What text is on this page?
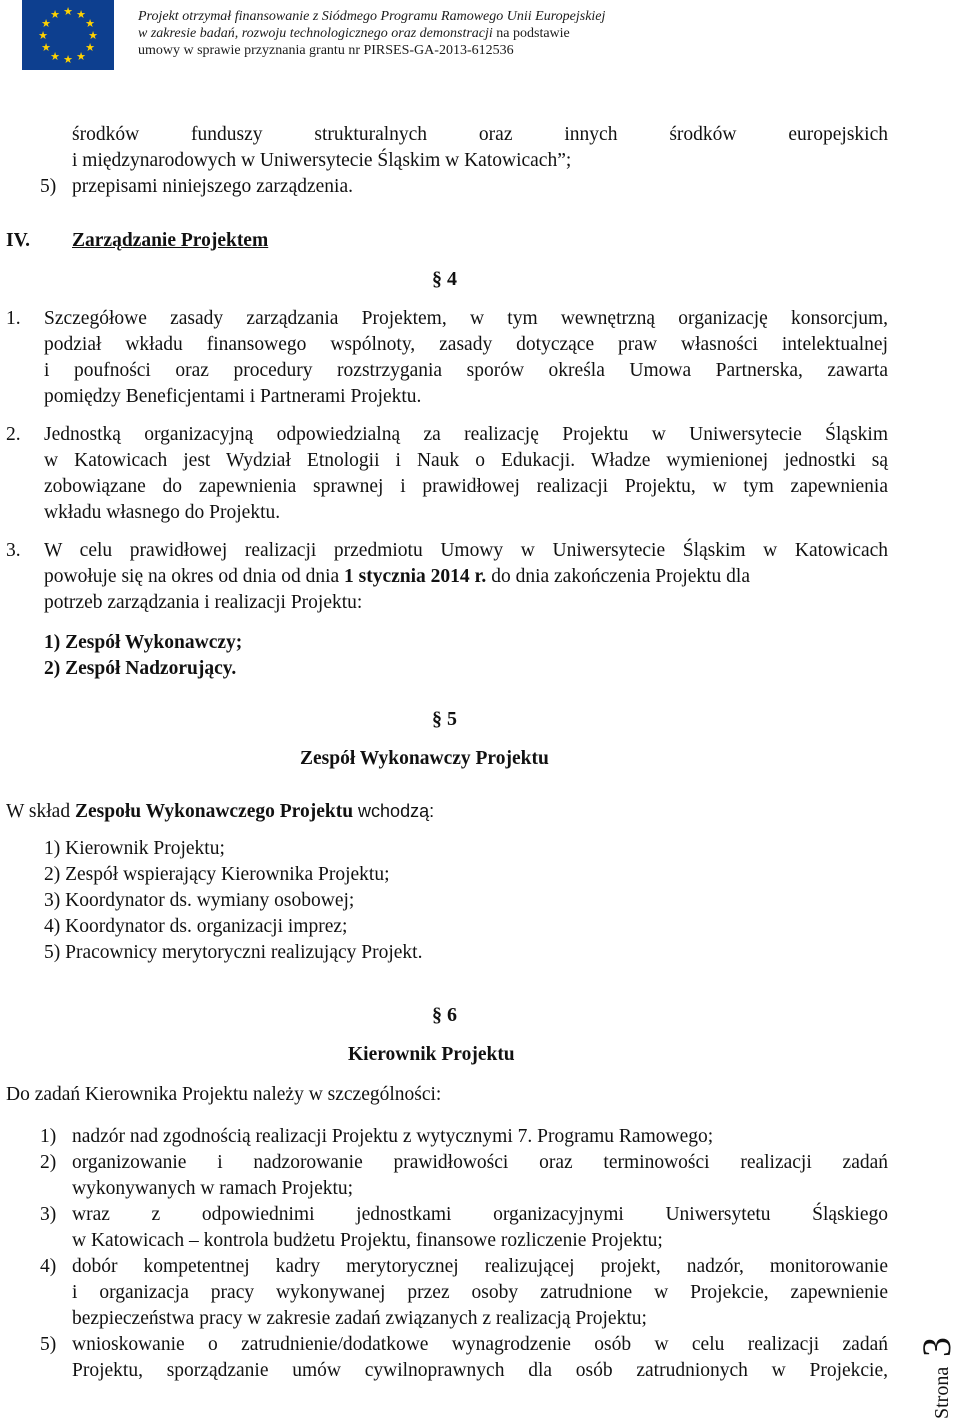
★ ★
★
★
★
★
★
★
★
★
★
★	Projekt otrzymał finansowanie z Siódmego Programu Ramowego Unii Europejskiej
w zakresie badań, rozwoju technologicznego oraz demonstracji na podstawie
umowy w sprawie przyznania grantu nr PIRSES-GA-2013-612536
środków funduszy strukturalnych oraz innych środków europejskich
i międzynarodowych w Uniwersytecie Śląskim w Katowicach”;
5) przepisami niniejszego zarządzenia.
IV. Zarządzanie Projektem
§ 4
1. Szczegółowe zasady zarządzania Projektem, w tym wewnętrzną organizację konsorcjum,
podział wkładu finansowego wspólnoty, zasady dotyczące praw własności intelektualnej
i poufności oraz procedury rozstrzygania sporów określa Umowa Partnerska, zawarta
pomiędzy Beneficjentami i Partnerami Projektu.
2. Jednostką organizacyjną odpowiedzialną za realizację Projektu w Uniwersytecie Śląskim
w Katowicach jest Wydział Etnologii i Nauk o Edukacji. Władze wymienionej jednostki są
zobowiązane do zapewnienia sprawnej i prawidłowej realizacji Projektu, w tym zapewnienia
wkładu własnego do Projektu.
3. W celu prawidłowej realizacji przedmiotu Umowy w Uniwersytecie Śląskim w Katowicach
powołuje się na okres od dnia od dnia 1 stycznia 2014 r. do dnia zakończenia Projektu dla
potrzeb zarządzania i realizacji Projektu:
1) Zespół Wykonawczy;
2) Zespół Nadzorujący.
§ 5
Zespół Wykonawczy Projektu
W skład Zespołu Wykonawczego Projektu wchodzą:
1) Kierownik Projektu;
2) Zespół wspierający Kierownika Projektu;
3) Koordynator ds. wymiany osobowej;
4) Koordynator ds. organizacji imprez;
5) Pracownicy merytoryczni realizujący Projekt.
§ 6
Kierownik Projektu
Do zadań Kierownika Projektu należy w szczególności:
1) nadzór nad zgodnością realizacji Projektu z wytycznymi 7. Programu Ramowego;
2) organizowanie i nadzorowanie prawidłowości oraz terminowości realizacji zadań
wykonywanych w ramach Projektu;
3) wraz z odpowiednimi jednostkami organizacyjnymi Uniwersytetu Śląskiego
w Katowicach – kontrola budżetu Projektu, finansowe rozliczenie Projektu;
4) dobór kompetentnej kadry merytorycznej realizującej projekt, nadzór, monitorowanie
i organizacja pracy wykonywanej przez osoby zatrudnione w Projekcie, zapewnienie
bezpieczeństwa pracy w zakresie zadań związanych z realizacją Projektu;
5) wnioskowanie o zatrudnienie/dodatkowe wynagrodzenie osób w celu realizacji zadań
Projektu, sporządzanie umów cywilnoprawnych dla osób zatrudnionych w Projekcie, Strona
3
